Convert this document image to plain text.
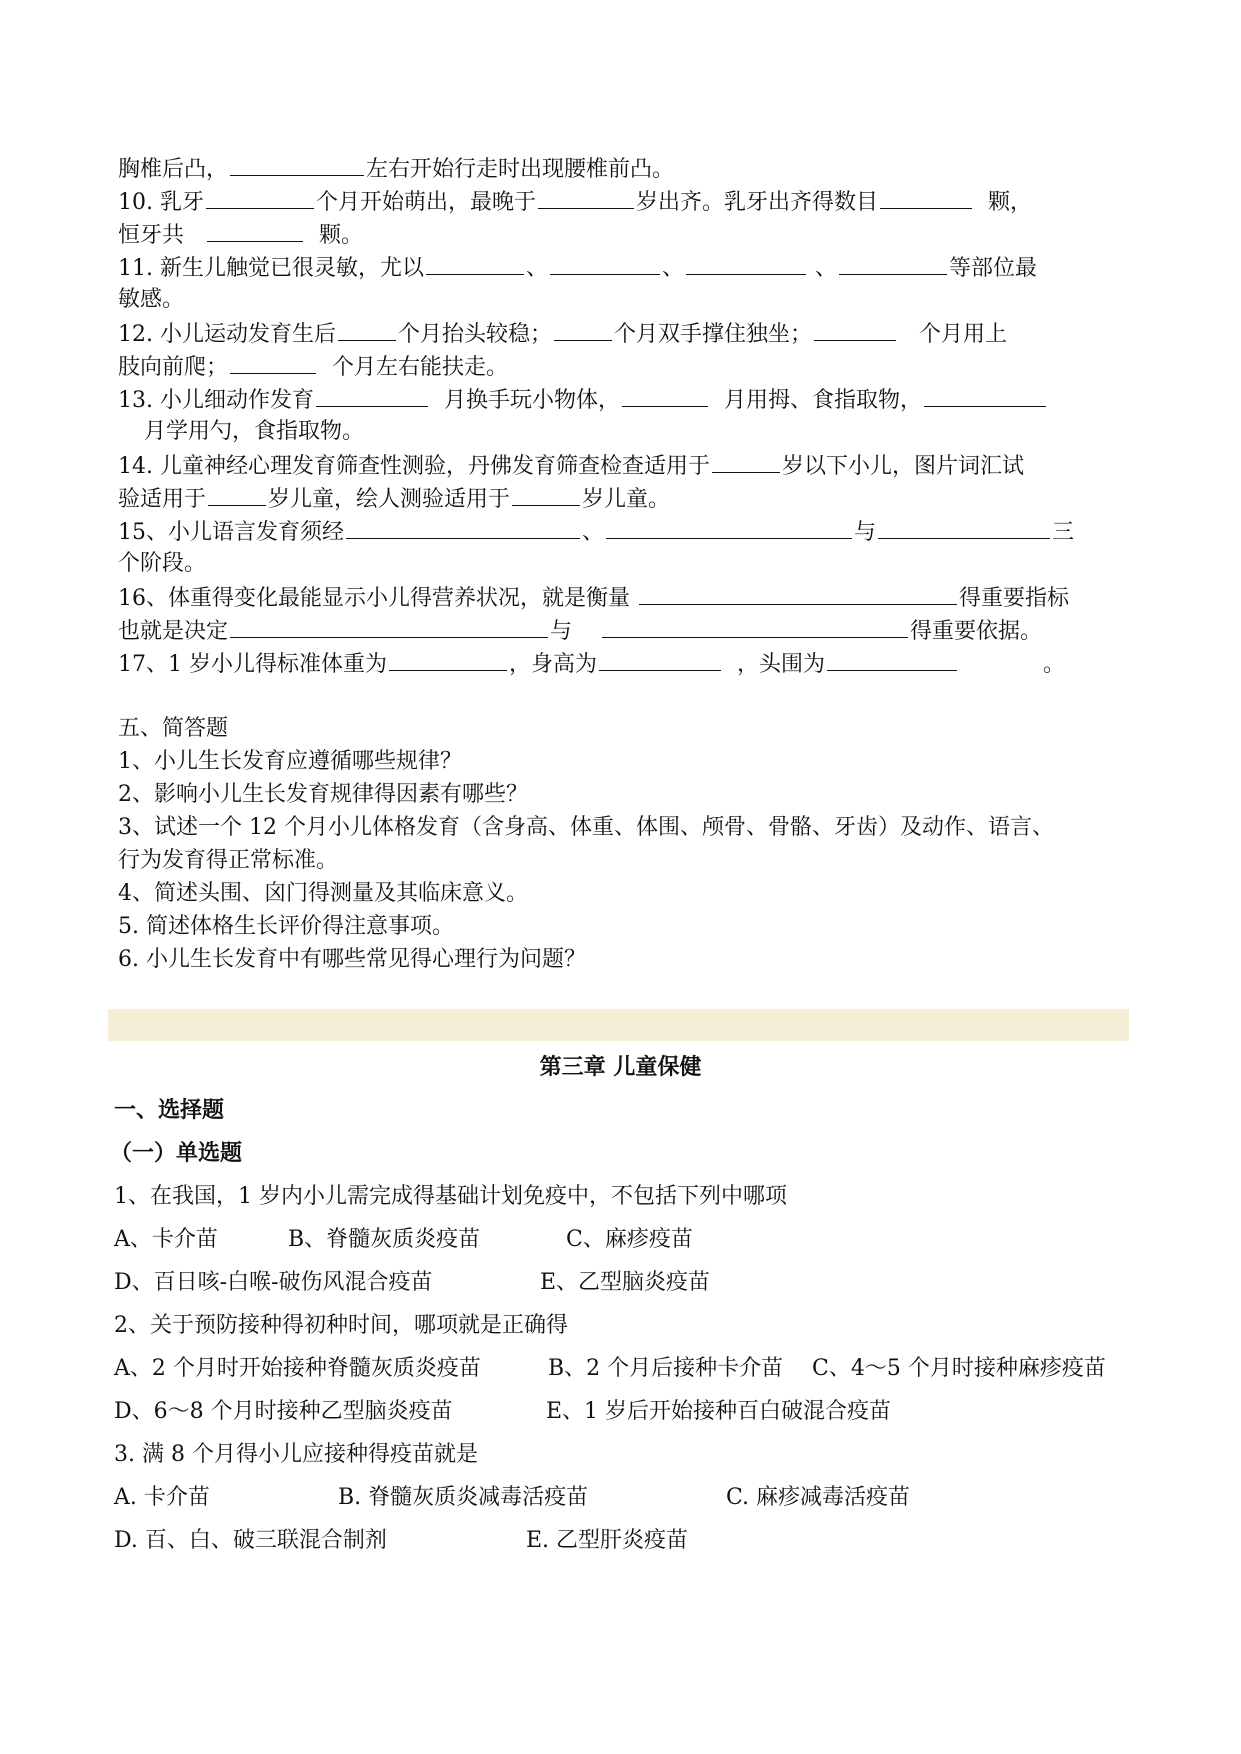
胸椎后凸，	左右开始行走时出现腰椎前凸。
10. 乳牙	个月开始萌出，最晚于	岁出齐。乳牙出齐得数目	颗，
恒牙共	颗。
11. 新生儿触觉已很灵敏，尤以	、	、	、	等部位最
敏感。
12. 小儿运动发育生后	个月抬头较稳；	个月双手撑住独坐；	个月用上
肢向前爬；	个月左右能扶走。
13. 小儿细动作发育	月换手玩小物体，	月用拇、食指取物，
月学用勺，食指取物。
14. 儿童神经心理发育筛查性测验，丹佛发育筛查检查适用于	岁以下小儿，图片词汇试
验适用于	岁儿童，绘人测验适用于	岁儿童。
15、小儿语言发育须经	、	与	三
个阶段。
16、体重得变化最能显示小儿得营养状况，就是衡量	得重要指标
也就是决定	与	得重要依据。
17、1 岁小儿得标准体重为	，身高为	，头围为	。
五、简答题
1、小儿生长发育应遵循哪些规律？
2、影响小儿生长发育规律得因素有哪些？
3、试述一个 12 个月小儿体格发育（含身高、体重、体围、颅骨、骨骼、牙齿）及动作、语言、
行为发育得正常标准。
4、简述头围、囟门得测量及其临床意义。
5. 简述体格生长评价得注意事项。
6. 小儿生长发育中有哪些常见得心理行为问题？
第三章 儿童保健
一、选择题
（一）单选题
1、在我国，1 岁内小儿需完成得基础计划免疫中，不包括下列中哪项
A、卡介苗	B、脊髓灰质炎疫苗	C、麻疹疫苗
D、百日咳-白喉-破伤风混合疫苗	E、乙型脑炎疫苗
2、关于预防接种得初种时间，哪项就是正确得
A、2 个月时开始接种脊髓灰质炎疫苗	B、2 个月后接种卡介苗 C、4～5 个月时接种麻疹疫苗
D、6～8 个月时接种乙型脑炎疫苗	E、1 岁后开始接种百白破混合疫苗
3. 满 8 个月得小儿应接种得疫苗就是
A. 卡介苗	B. 脊髓灰质炎减毒活疫苗	C. 麻疹减毒活疫苗
D. 百、白、破三联混合制剂	E. 乙型肝炎疫苗
